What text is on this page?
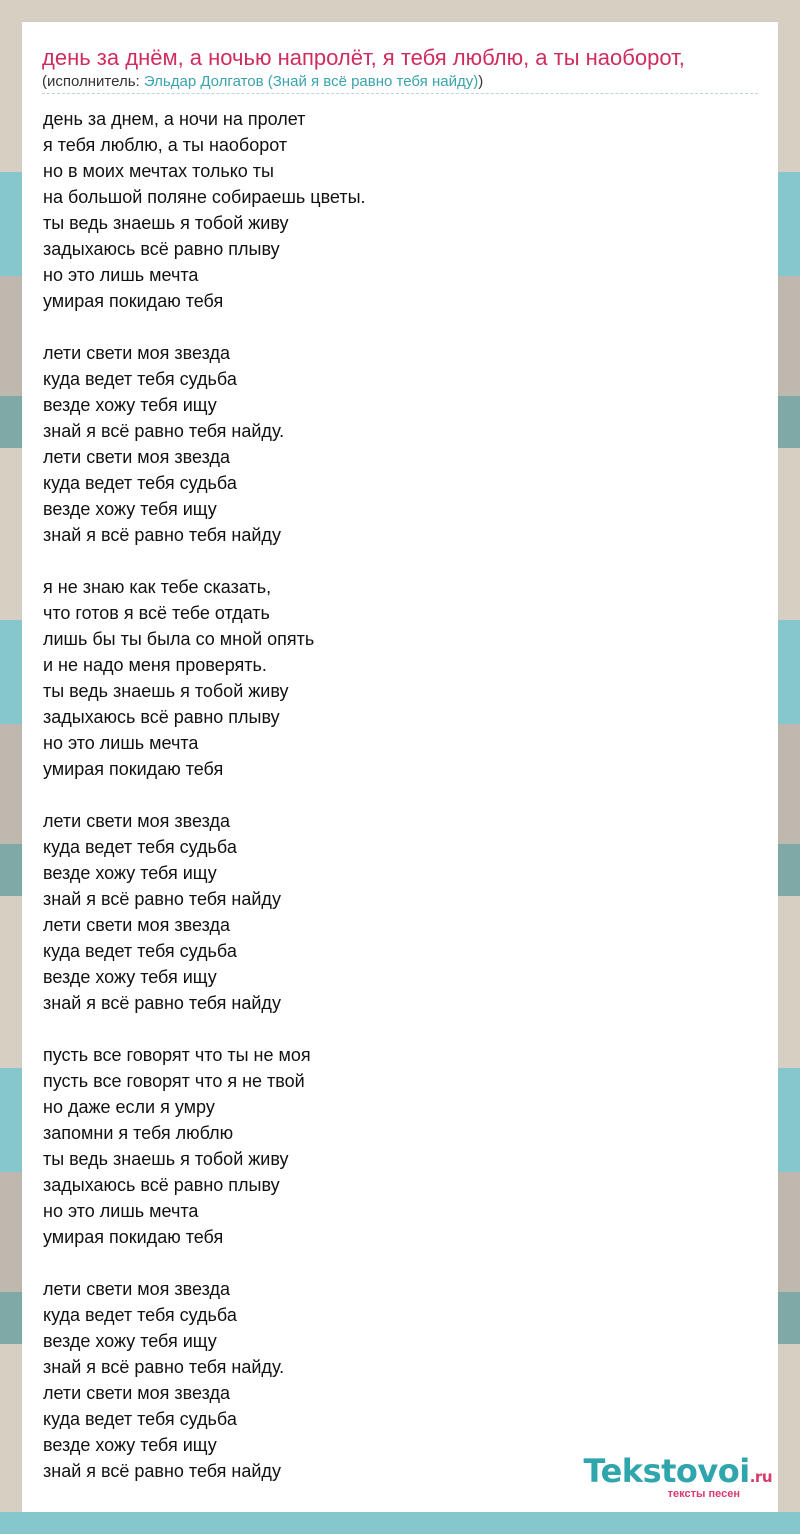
день за днём, а ночью напролёт, я тебя люблю, а ты наоборот,
(исполнитель: Эльдар Долгатов (Знай я всё равно тебя найду))
день за днем, а ночи на пролет
я тебя люблю, а ты наоборот
но в моих мечтах только ты
на большой поляне собираешь цветы.
ты ведь знаешь я тобой живу
задыхаюсь всё равно плыву
но это лишь мечта
умирая покидаю тебя

лети свети моя звезда
куда ведет тебя судьба
везде хожу тебя ищу
знай я всё равно тебя найду.
лети свети моя звезда
куда ведет тебя судьба
везде хожу тебя ищу
знай я всё равно тебя найду

я не знаю как тебе сказать,
что готов я всё тебе отдать
лишь бы ты была со мной опять
и не надо меня проверять.
ты ведь знаешь я тобой живу
задыхаюсь всё равно плыву
но это лишь мечта
умирая покидаю тебя

лети свети моя звезда
куда ведет тебя судьба
везде хожу тебя ищу
знай я всё равно тебя найду
лети свети моя звезда
куда ведет тебя судьба
везде хожу тебя ищу
знай я всё равно тебя найду

пусть все говорят что ты не моя
пусть все говорят что я не твой
но даже если я умру
запомни я тебя люблю
ты ведь знаешь я тобой живу
задыхаюсь всё равно плыву
но это лишь мечта
умирая покидаю тебя

лети свети моя звезда
куда ведет тебя судьба
везде хожу тебя ищу
знай я всё равно тебя найду.
лети свети моя звезда
куда ведет тебя судьба
везде хожу тебя ищу
знай я всё равно тебя найду	Tekstovoi.ru
тексты песен
